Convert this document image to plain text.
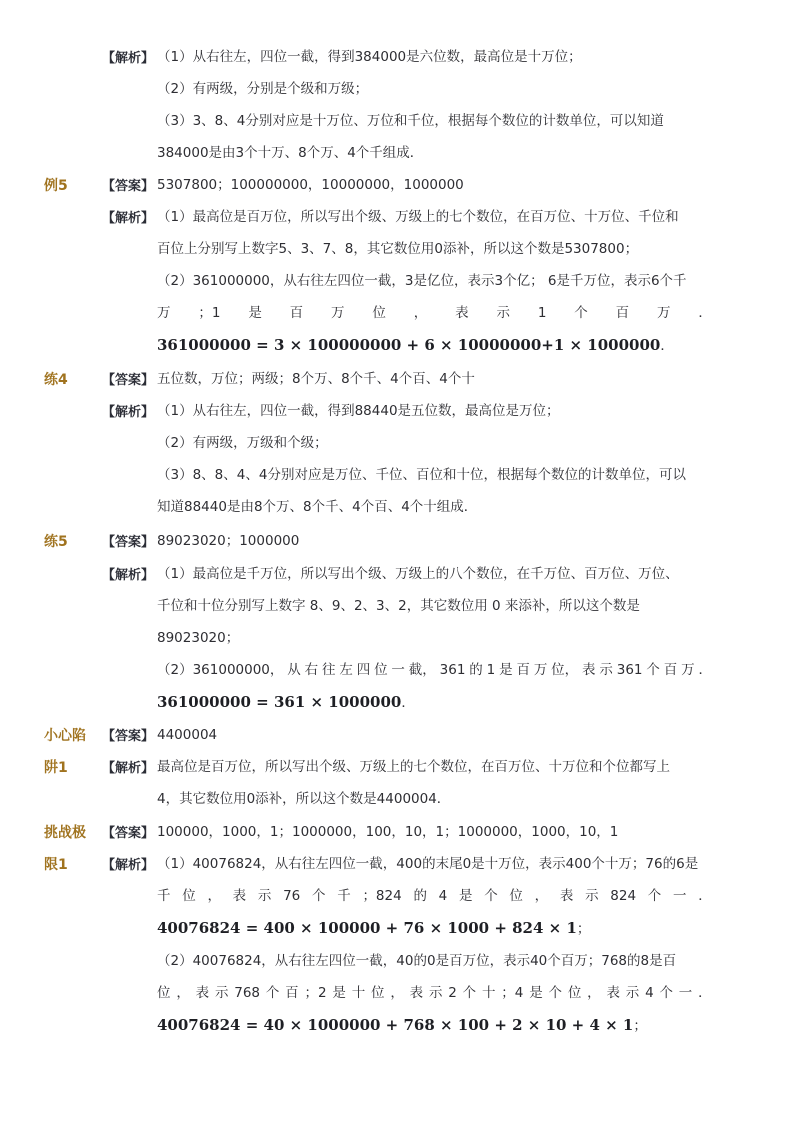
【解析】 （1）从右往左，四位一截，得到384000是六位数，最高位是十万位；
（2）有两级，分别是个级和万级；
（3）3、8、4分别对应是十万位、万位和千位，根据每个数位的计数单位，可以知道
384000是由3个十万、8个万、4个千组成．
例5	【答案】 5307800；100000000，10000000，1000000
【解析】 （1）最高位是百万位，所以写出个级、万级上的七个数位，在百万位、十万位、千位和
百位上分别写上数字5、3、7、8，其它数位用0添补，所以这个数是5307800；
（2）361000000，从右往左四位一截，3是亿位，表示3个亿； 6是千万位，表示6个千
万 ；1 是 百 万 位 ， 表 示 1 个 百 万 ．
361000000 = 3 × 100000000 + 6 × 10000000+1 × 1000000．
练4	【答案】 五位数，万位；两级；8个万、8个千、4个百、4个十
【解析】 （1）从右往左，四位一截，得到88440是五位数，最高位是万位；
（2）有两级，万级和个级；
（3）8、8、4、4分别对应是万位、千位、百位和十位，根据每个数位的计数单位，可以
知道88440是由8个万、8个千、4个百、4个十组成．
练5	【答案】 89023020；1000000
【解析】 （1）最高位是千万位，所以写出个级、万级上的八个数位，在千万位、百万位、万位、
千位和十位分别写上数字 8、9、2、3、2，其它数位用 0 来添补，所以这个数是
89023020；
（2）361000000， 从 右 往 左 四 位 一 截， 361 的 1 是 百 万 位， 表 示 361 个 百 万 ．
361000000 = 361 × 1000000．
小心陷 【答案】 4400004
阱1	【解析】 最高位是百万位，所以写出个级、万级上的七个数位，在百万位、十万位和个位都写上
4，其它数位用0添补，所以这个数是4400004．
挑战极 【答案】 100000，1000，1；1000000，100，10，1；1000000，1000，10，1
限1	【解析】 （1）40076824，从右往左四位一截，400的末尾0是十万位，表示400个十万；76的6是
千 位 ， 表 示 76 个 千 ；824 的 4 是 个 位 ， 表 示 824 个 一 ．
40076824 = 400 × 100000 + 76 × 1000 + 824 × 1；
（2）40076824，从右往左四位一截，40的0是百万位，表示40个百万；768的8是百
位 ， 表 示 768 个 百 ；2 是 十 位 ， 表 示 2 个 十 ；4 是 个 位 ， 表 示 4 个 一 ．
40076824 = 40 × 1000000 + 768 × 100 + 2 × 10 + 4 × 1；
